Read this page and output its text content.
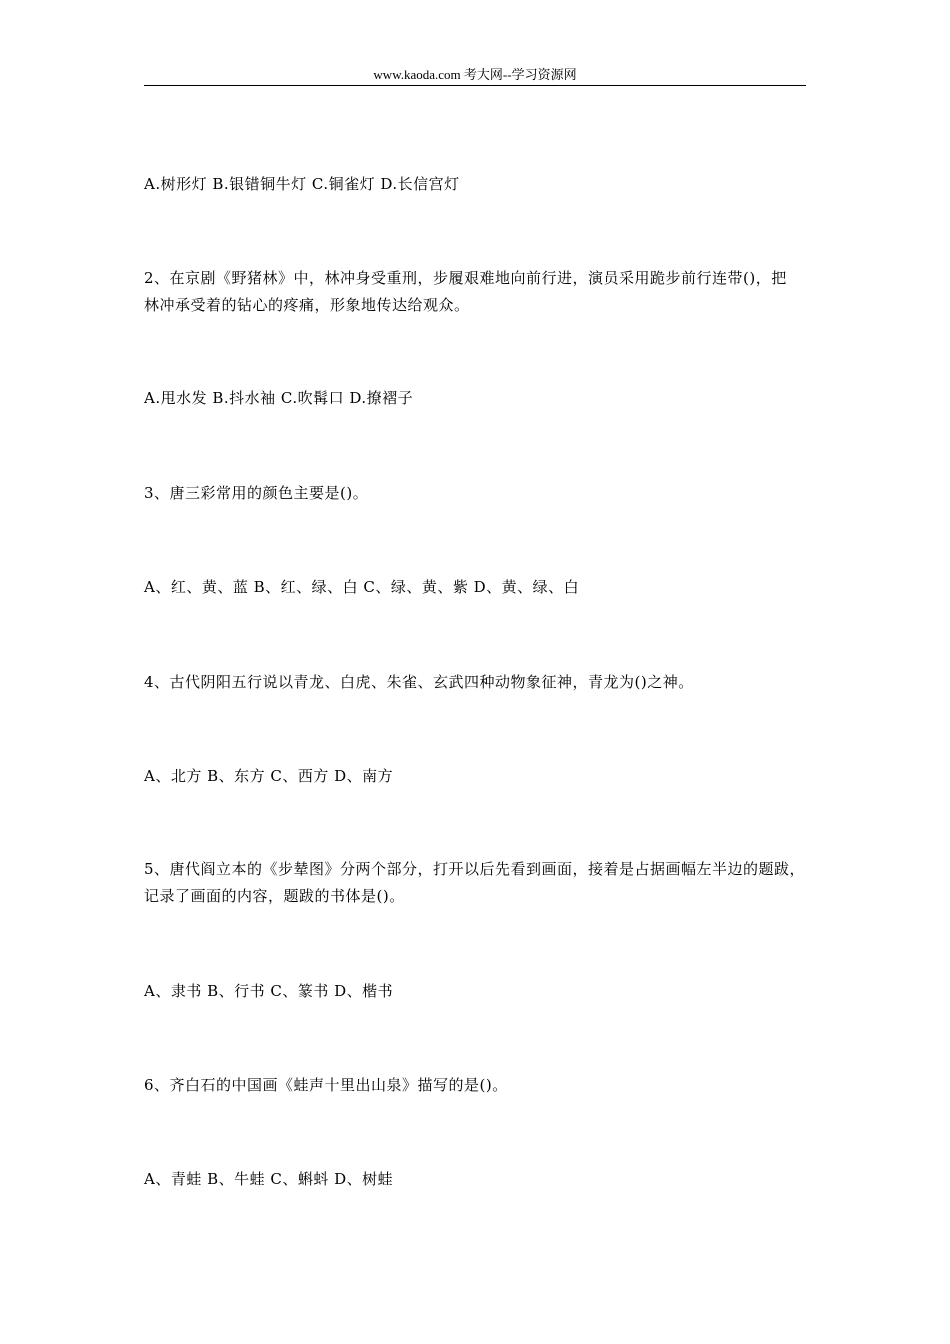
www.kaoda.com 考大网--学习资源网

A.树形灯 B.银错铜牛灯 C.铜雀灯 D.长信宫灯

2、在京剧《野猪林》中，林冲身受重刑，步履艰难地向前行进，演员采用跪步前行连带()，把

林冲承受着的钻心的疼痛，形象地传达给观众。

A.甩水发 B.抖水袖 C.吹髯口 D.撩褶子

3、唐三彩常用的颜色主要是()。

A、红、黄、蓝 B、红、绿、白 C、绿、黄、紫 D、黄、绿、白

4、古代阴阳五行说以青龙、白虎、朱雀、玄武四种动物象征神，青龙为()之神。

A、北方 B、东方 C、西方 D、南方

5、唐代阎立本的《步辇图》分两个部分，打开以后先看到画面，接着是占据画幅左半边的题跋，

记录了画面的内容，题跋的书体是()。

A、隶书 B、行书 C、篆书 D、楷书

6、齐白石的中国画《蛙声十里出山泉》描写的是()。

A、青蛙 B、牛蛙 C、蝌蚪 D、树蛙
